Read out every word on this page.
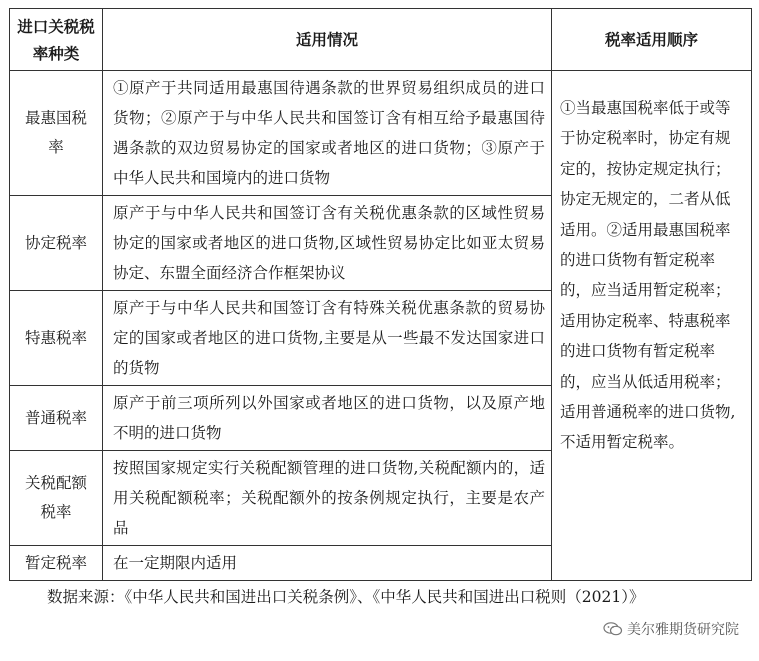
进口关税税率种类	适用情况	税率适用顺序
最惠国税率	①原产于共同适用最惠国待遇条款的世界贸易组织成员的进口货物；②原产于与中华人民共和国签订含有相互给予最惠国待遇条款的双边贸易协定的国家或者地区的进口货物；③原产于中华人民共和国境内的进口货物	①当最惠国税率低于或等于协定税率时，协定有规定的，按协定规定执行；协定无规定的，二者从低适用。②适用最惠国税率的进口货物有暂定税率的，应当适用暂定税率；适用协定税率、特惠税率的进口货物有暂定税率的，应当从低适用税率；适用普通税率的进口货物,不适用暂定税率。
协定税率	原产于与中华人民共和国签订含有关税优惠条款的区域性贸易协定的国家或者地区的进口货物,区域性贸易协定比如亚太贸易协定、东盟全面经济合作框架协议	
特惠税率	原产于与中华人民共和国签订含有特殊关税优惠条款的贸易协定的国家或者地区的进口货物,主要是从一些最不发达国家进口的货物	
普通税率	原产于前三项所列以外国家或者地区的进口货物，以及原产地不明的进口货物	
关税配额税率	按照国家规定实行关税配额管理的进口货物,关税配额内的，适用关税配额税率；关税配额外的按条例规定执行，主要是农产品	
暂定税率	在一定期限内适用	
数据来源：《中华人民共和国进出口关税条例》、《中华人民共和国进出口税则（2021）》
美尔雅期货研究院
